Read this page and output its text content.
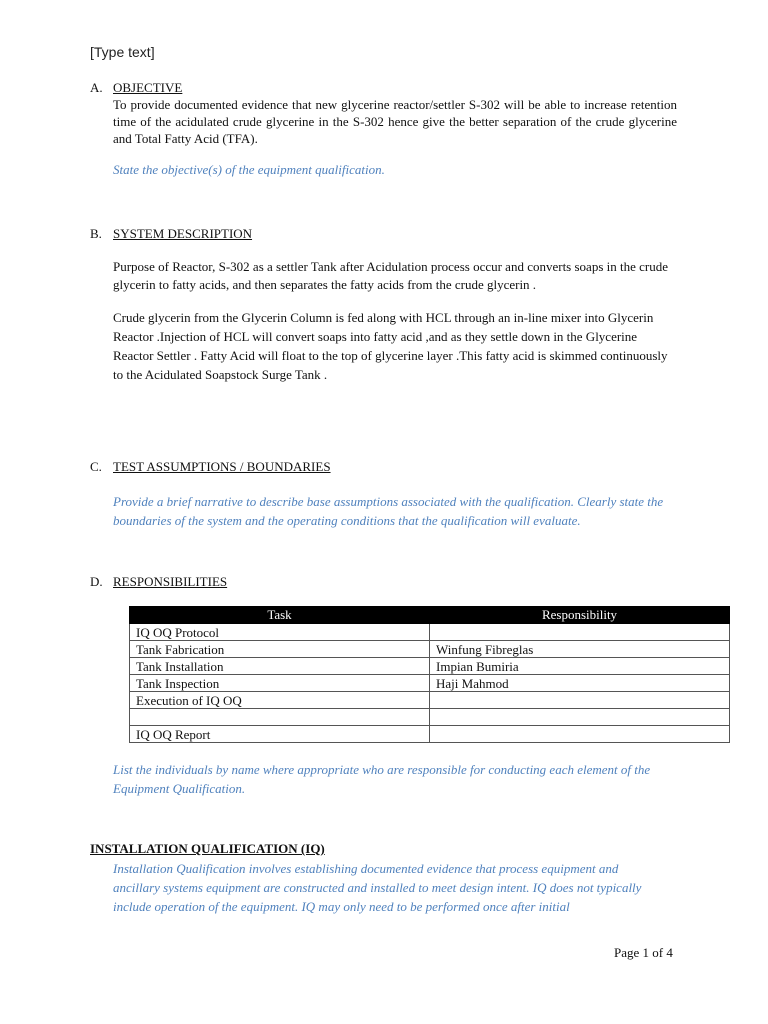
[Type text]
A. OBJECTIVE

To provide documented evidence that new glycerine reactor/settler S-302 will be able to increase retention time of the acidulated crude glycerine in the S-302 hence give the better separation of the crude glycerine and Total Fatty Acid (TFA).

State the objective(s) of the equipment qualification.

B. SYSTEM DESCRIPTION

Purpose of Reactor, S-302 as a settler Tank after Acidulation process occur and converts soaps in the crude glycerin to fatty acids, and then separates the fatty acids from the crude glycerin .

Crude glycerin from the Glycerin Column is fed along with HCL through an in-line mixer into Glycerin Reactor .Injection of HCL will convert soaps into fatty acid ,and as they settle down in the Glycerine Reactor Settler . Fatty Acid will float to the top of glycerine layer .This fatty acid is skimmed continuously to the Acidulated Soapstock Surge Tank .

C. TEST ASSUMPTIONS / BOUNDARIES

Provide a brief narrative to describe base assumptions associated with the qualification. Clearly state the boundaries of the system and the operating conditions that the qualification will evaluate.

D. RESPONSIBILITIES
Task	Responsibility
IQ OQ Protocol	
Tank Fabrication	Winfung Fibreglas
Tank Installation	Impian Bumiria
Tank Inspection	Haji Mahmod
Execution of IQ OQ	

IQ OQ Report	

List the individuals by name where appropriate who are responsible for conducting each element of the Equipment Qualification.

INSTALLATION QUALIFICATION (IQ)

Installation Qualification involves establishing documented evidence that process equipment and ancillary systems equipment are constructed and installed to meet design intent. IQ does not typically include operation of the equipment. IQ may only need to be performed once after initial

Page 1 of 4
